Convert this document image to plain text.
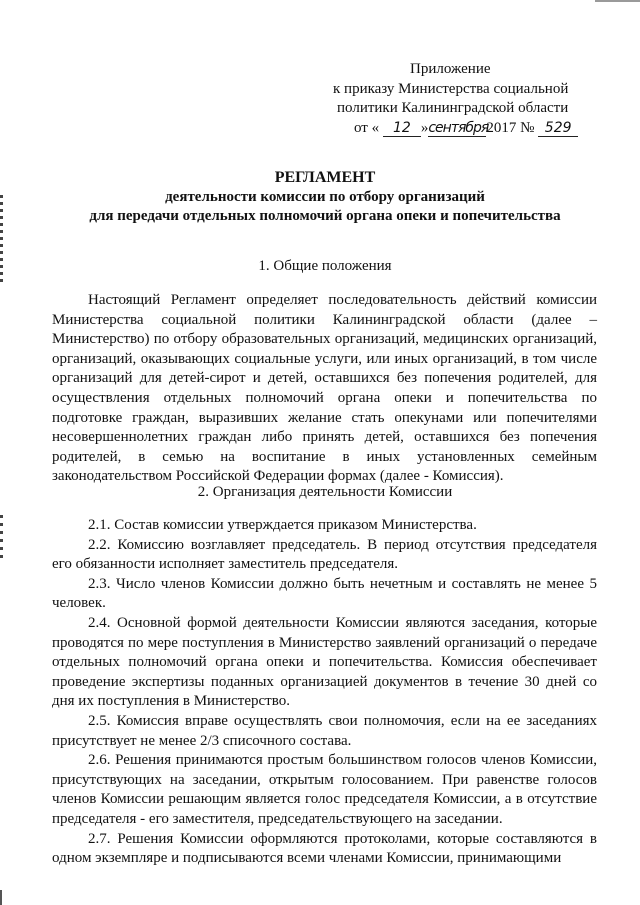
Приложение
к приказу Министерства социальной
политики Калининградской области
от « 12 »сентября2017 № 529
РЕГЛАМЕНТ
деятельности комиссии по отбору организаций
для передачи отдельных полномочий органа опеки и попечительства
1. Общие положения

Настоящий Регламент определяет последовательность действий комиссии Министерства социальной политики Калининградской области (далее – Министерство) по отбору образовательных организаций, медицинских организаций, организаций, оказывающих социальные услуги, или иных организаций, в том числе организаций для детей-сирот и детей, оставшихся без попечения родителей, для осуществления отдельных полномочий органа опеки и попечительства по подготовке граждан, выразивших желание стать опекунами или попечителями несовершеннолетних граждан либо принять детей, оставшихся без попечения родителей, в семью на воспитание в иных установленных семейным законодательством Российской Федерации формах (далее - Комиссия).

2. Организация деятельности Комиссии

2.1. Состав комиссии утверждается приказом Министерства.

2.2. Комиссию возглавляет председатель. В период отсутствия председателя его обязанности исполняет заместитель председателя.

2.3. Число членов Комиссии должно быть нечетным и составлять не менее 5 человек.

2.4. Основной формой деятельности Комиссии являются заседания, которые проводятся по мере поступления в Министерство заявлений организаций о передаче отдельных полномочий органа опеки и попечительства. Комиссия обеспечивает проведение экспертизы поданных организацией документов в течение 30 дней со дня их поступления в Министерство.

2.5. Комиссия вправе осуществлять свои полномочия, если на ее заседаниях присутствует не менее 2/3 списочного состава.

2.6. Решения принимаются простым большинством голосов членов Комиссии, присутствующих на заседании, открытым голосованием. При равенстве голосов членов Комиссии решающим является голос председателя Комиссии, а в отсутствие председателя - его заместителя, председательствующего на заседании.

2.7. Решения Комиссии оформляются протоколами, которые составляются в одном экземпляре и подписываются всеми членами Комиссии, принимающими
